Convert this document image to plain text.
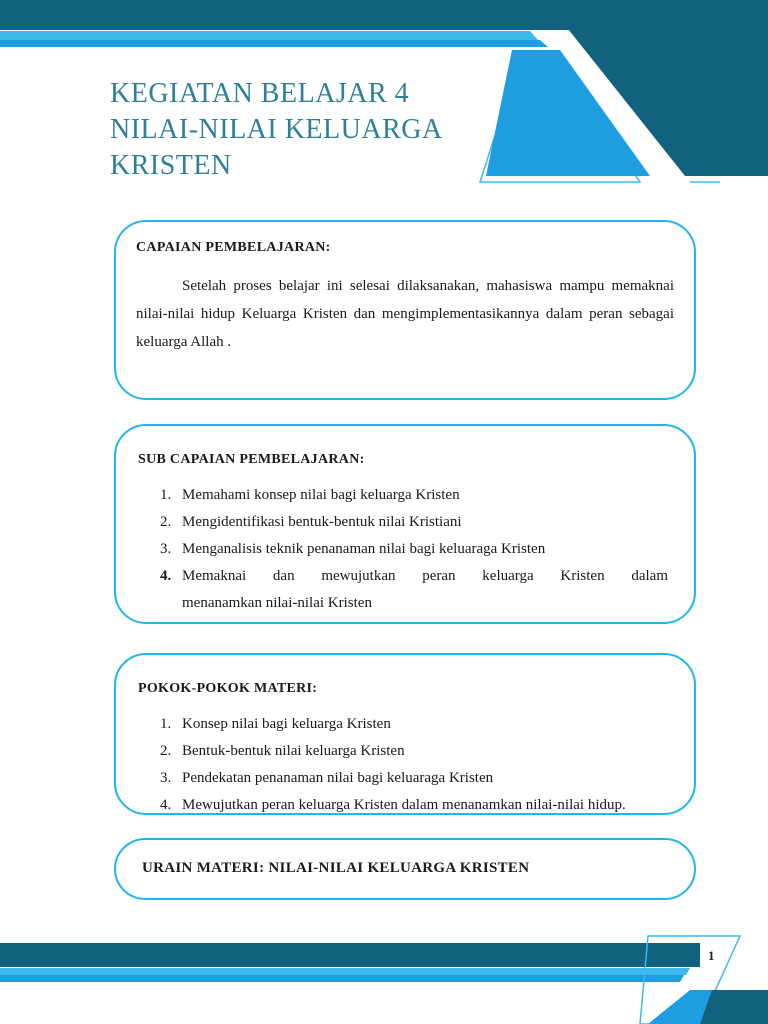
KEGIATAN BELAJAR 4
NILAI-NILAI KELUARGA
KRISTEN

CAPAIAN PEMBELAJARAN:

Setelah proses belajar ini selesai dilaksanakan, mahasiswa mampu memaknai nilai-nilai hidup Keluarga Kristen dan mengimplementasikannya dalam peran sebagai keluarga Allah .

SUB CAPAIAN PEMBELAJARAN:

1. Memahami konsep nilai bagi keluarga Kristen
2. Mengidentifikasi bentuk-bentuk nilai Kristiani
3. Menganalisis teknik penanaman nilai bagi keluaraga Kristen
4. Memaknai dan mewujutkan peran keluarga Kristen dalam
menanamkan nilai-nilai Kristen

POKOK-POKOK MATERI:

1. Konsep nilai bagi keluarga Kristen
2. Bentuk-bentuk nilai keluarga Kristen
3. Pendekatan penanaman nilai bagi keluaraga Kristen
4. Mewujutkan peran keluarga Kristen dalam menanamkan nilai-nilai hidup.

URAIN MATERI: NILAI-NILAI KELUARGA KRISTEN

1
